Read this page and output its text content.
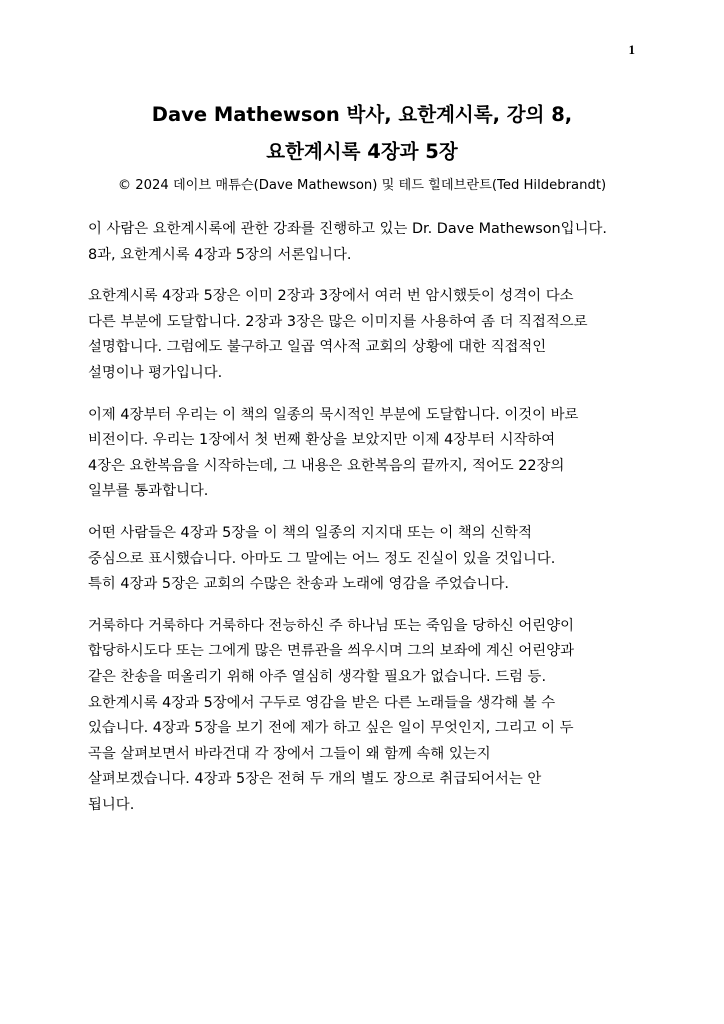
1
Dave Mathewson 박사, 요한계시록, 강의 8,
요한계시록 4장과 5장
© 2024 데이브 매튜슨(Dave Mathewson) 및 테드 힐데브란트(Ted Hildebrandt)
이 사람은 요한계시록에 관한 강좌를 진행하고 있는 Dr. Dave Mathewson입니다.
8과, 요한계시록 4장과 5장의 서론입니다.
요한계시록 4장과 5장은 이미 2장과 3장에서 여러 번 암시했듯이 성격이 다소
다른 부분에 도달합니다. 2장과 3장은 많은 이미지를 사용하여 좀 더 직접적으로
설명합니다. 그럼에도 불구하고 일곱 역사적 교회의 상황에 대한 직접적인
설명이나 평가입니다.
이제 4장부터 우리는 이 책의 일종의 묵시적인 부분에 도달합니다. 이것이 바로
비전이다. 우리는 1장에서 첫 번째 환상을 보았지만 이제 4장부터 시작하여
4장은 요한복음을 시작하는데, 그 내용은 요한복음의 끝까지, 적어도 22장의
일부를 통과합니다.
어떤 사람들은 4장과 5장을 이 책의 일종의 지지대 또는 이 책의 신학적
중심으로 표시했습니다. 아마도 그 말에는 어느 정도 진실이 있을 것입니다.
특히 4장과 5장은 교회의 수많은 찬송과 노래에 영감을 주었습니다.
거룩하다 거룩하다 거룩하다 전능하신 주 하나님 또는 죽임을 당하신 어린양이
합당하시도다 또는 그에게 많은 면류관을 씌우시며 그의 보좌에 계신 어린양과
같은 찬송을 떠올리기 위해 아주 열심히 생각할 필요가 없습니다. 드럼 등.
요한계시록 4장과 5장에서 구두로 영감을 받은 다른 노래들을 생각해 볼 수
있습니다. 4장과 5장을 보기 전에 제가 하고 싶은 일이 무엇인지, 그리고 이 두
곡을 살펴보면서 바라건대 각 장에서 그들이 왜 함께 속해 있는지
살펴보겠습니다. 4장과 5장은 전혀 두 개의 별도 장으로 취급되어서는 안
됩니다.
